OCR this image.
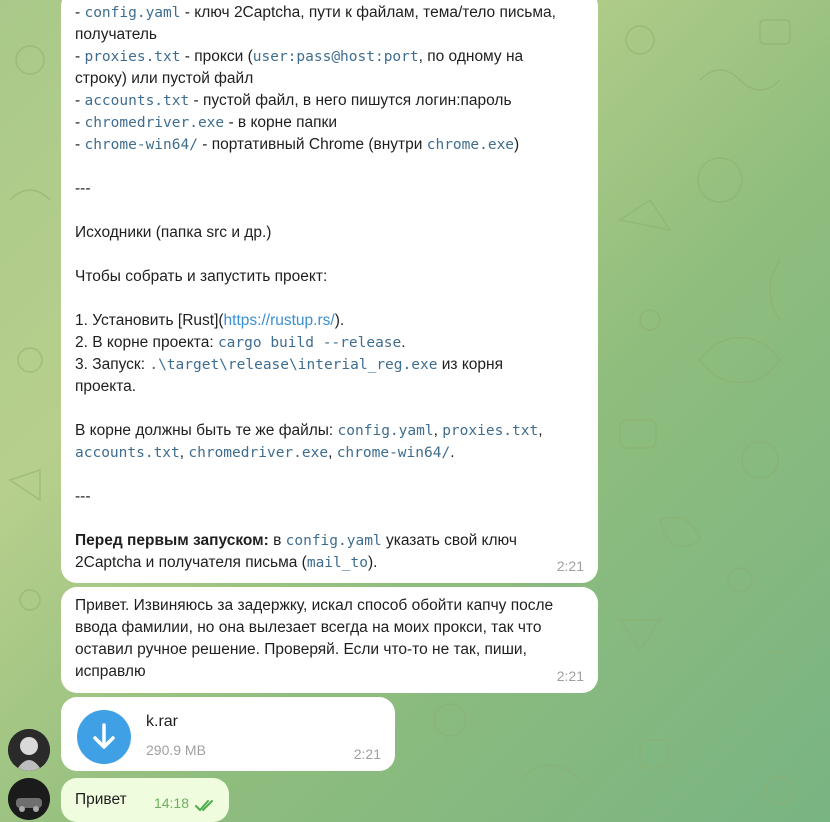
- config.yaml - ключ 2Captcha, пути к файлам, тема/тело письма,
получатель
- proxies.txt - прокси (user:pass@host:port, по одному на
строку) или пустой файл
- accounts.txt - пустой файл, в него пишутся логин:пароль
- chromedriver.exe - в корне папки
- chrome-win64/ - портативный Chrome (внутри chrome.exe)
---
Исходники (папка src и др.)
Чтобы собрать и запустить проект:
1. Установить [Rust](https://rustup.rs/).
2. В корне проекта: cargo build --release.
3. Запуск: .\target\release\interial_reg.exe из корня
проекта.
В корне должны быть те же файлы: config.yaml, proxies.txt,
accounts.txt, chromedriver.exe, chrome-win64/.
---
Перед первым запуском: в config.yaml указать свой ключ
2Captcha и получателя письма (mail_to).	2:21

Привет. Извиняюсь за задержку, искал способ обойти капчу после ввода фамилии, но она вылезает всегда на моих прокси, так что оставил ручное решение. Проверяй. Если что-то не так, пиши, исправлю	2:21
k.rar
290.9 MB	2:21
Привет 14:18
